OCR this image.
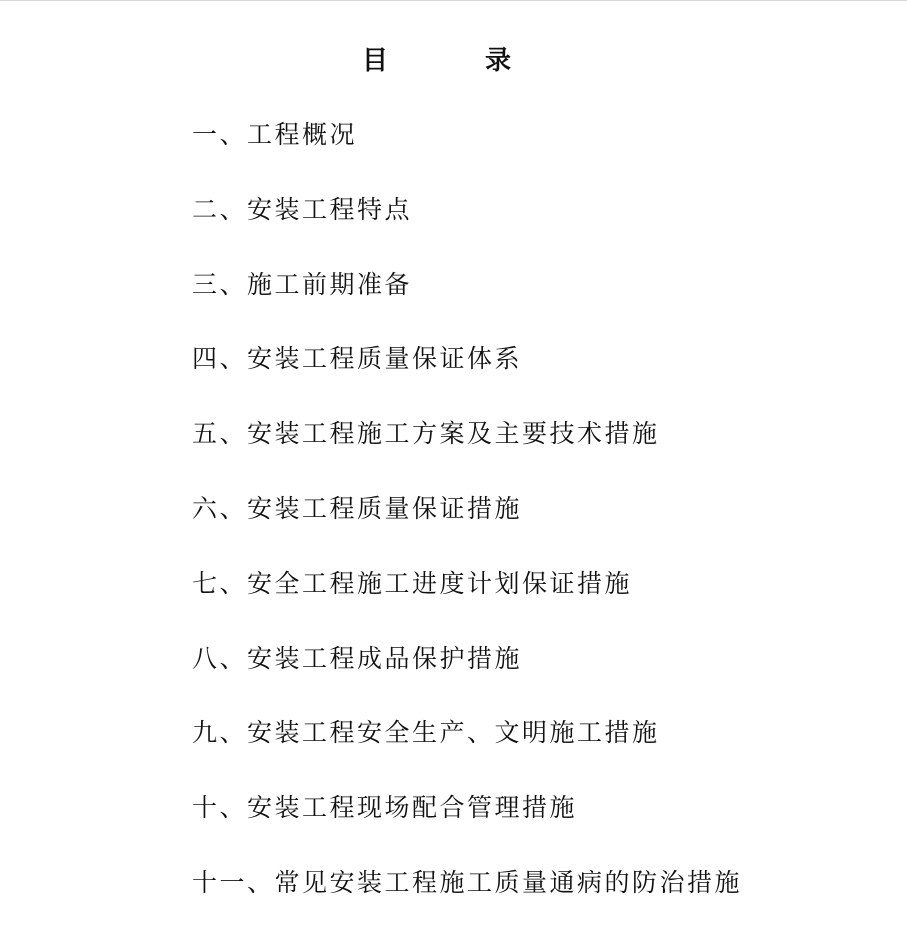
目 录
一、工程概况
二、安装工程特点
三、施工前期准备
四、安装工程质量保证体系
五、安装工程施工方案及主要技术措施
六、安装工程质量保证措施
七、安全工程施工进度计划保证措施
八、安装工程成品保护措施
九、安装工程安全生产、文明施工措施
十、安装工程现场配合管理措施
十一、常见安装工程施工质量通病的防治措施
